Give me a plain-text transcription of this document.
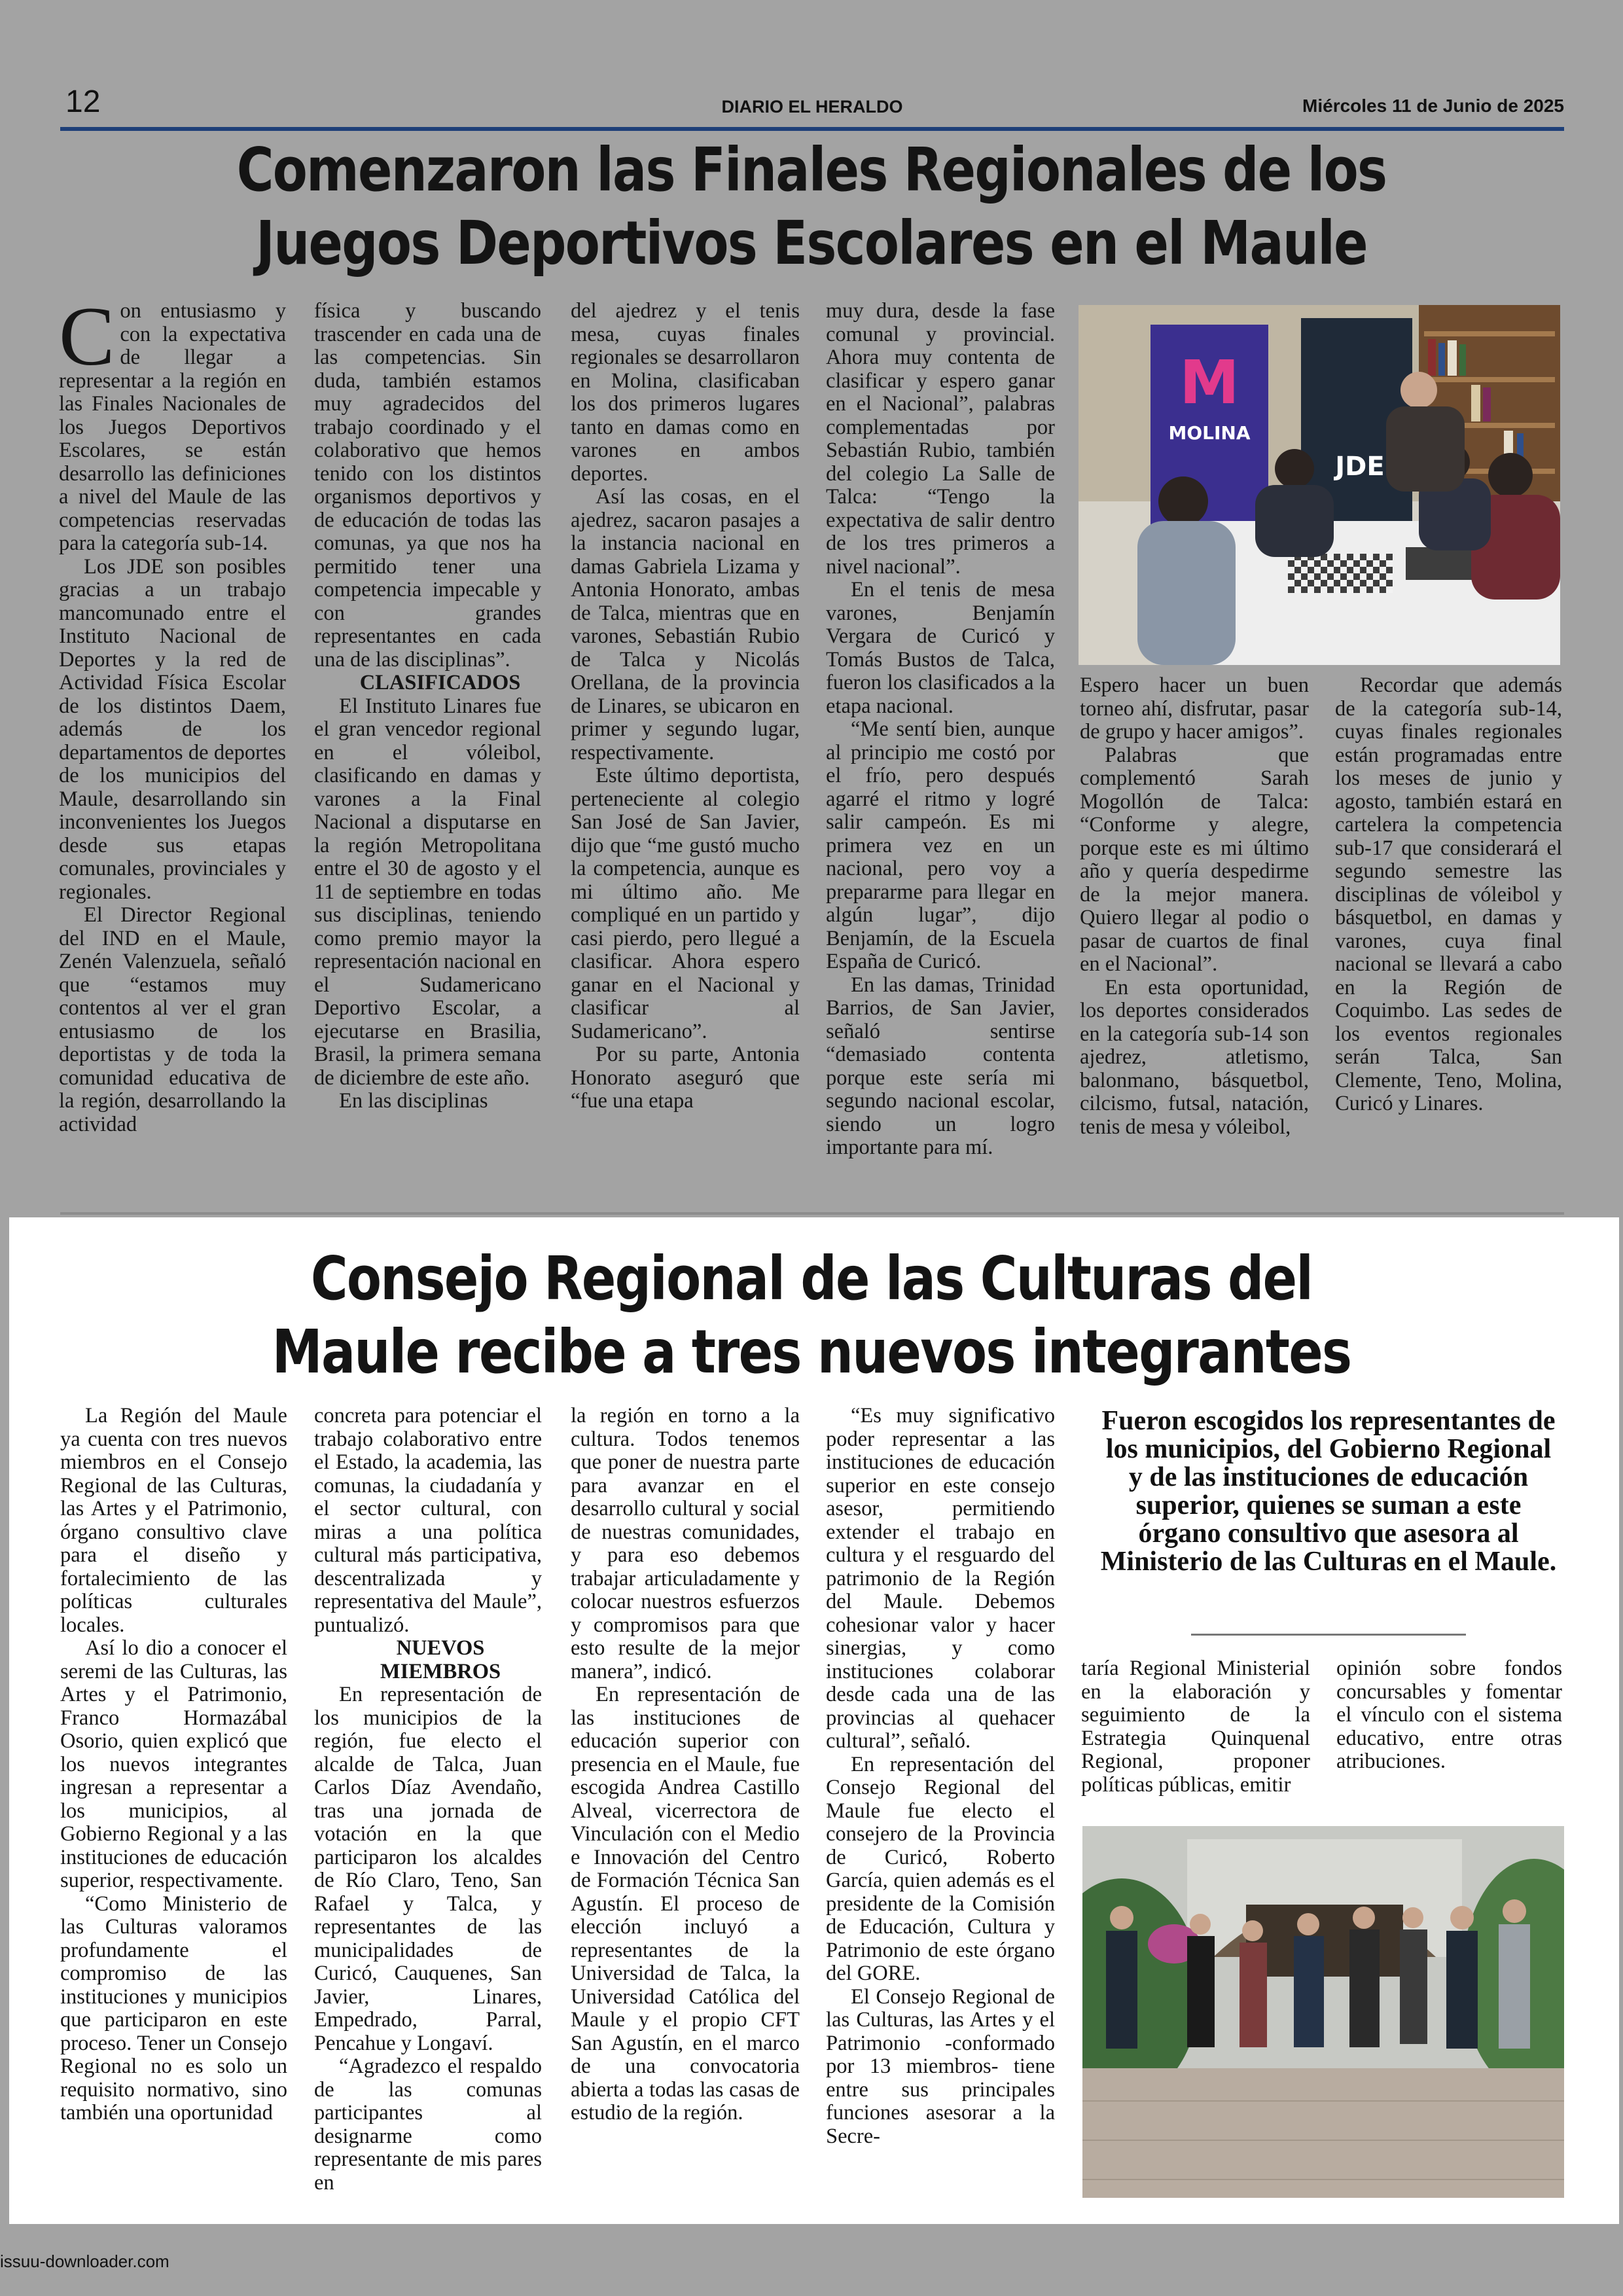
12	DIARIO EL HERALDO	Miércoles 11 de Junio de 2025
Comenzaron las Finales Regionales de los
Juegos Deportivos Escolares en el Maule

Con entusiasmo y con la expectativa de llegar a representar a la región en las Finales Nacionales de los Juegos Deportivos Escolares, se están desarrollo las definiciones a nivel del Maule de las competencias reservadas para la categoría sub-14.

Los JDE son posibles gracias a un trabajo mancomunado entre el Instituto Nacional de Deportes y la red de Actividad Física Escolar de los distintos Daem, además de los departamentos de deportes de los municipios del Maule, desarrollando sin inconvenientes los Juegos desde sus etapas comunales, provinciales y regionales.

El Director Regional del IND en el Maule, Zenén Valenzuela, señaló que “estamos muy contentos al ver el gran entusiasmo de los deportistas y de toda la comunidad educativa de la región, desarrollando la actividad

física y buscando trascender en cada una de las competencias. Sin duda, también estamos muy agradecidos del trabajo coordinado y el colaborativo que hemos tenido con los distintos organismos deportivos y de educación de todas las comunas, ya que nos ha permitido tener una competencia impecable y con grandes representantes en cada una de las disciplinas”.

CLASIFICADOS

El Instituto Linares fue el gran vencedor regional en el vóleibol, clasificando en damas y varones a la Final Nacional a disputarse en la región Metropolitana entre el 30 de agosto y el 11 de septiembre en todas sus disciplinas, teniendo como premio mayor la representación nacional en el Sudamericano Deportivo Escolar, a ejecutarse en Brasilia, Brasil, la primera semana de diciembre de este año.

En las disciplinas

del ajedrez y el tenis mesa, cuyas finales regionales se desarrollaron en Molina, clasificaban los dos primeros lugares tanto en damas como en varones en ambos deportes.

Así las cosas, en el ajedrez, sacaron pasajes a la instancia nacional en damas Gabriela Lizama y Antonia Honorato, ambas de Talca, mientras que en varones, Sebastián Rubio de Talca y Nicolás Orellana, de la provincia de Linares, se ubicaron en primer y segundo lugar, respectivamente.

Este último deportista, perteneciente al colegio San José de San Javier, dijo que “me gustó mucho la competencia, aunque es mi último año. Me compliqué en un partido y casi pierdo, pero llegué a clasificar. Ahora espero ganar en el Nacional y clasificar al Sudamericano”.

Por su parte, Antonia Honorato aseguró que “fue una etapa

muy dura, desde la fase comunal y provincial. Ahora muy contenta de clasificar y espero ganar en el Nacional”, palabras complementadas por Sebastián Rubio, también del colegio La Salle de Talca: “Tengo la expectativa de salir dentro de los tres primeros a nivel nacional”.

En el tenis de mesa varones, Benjamín Vergara de Curicó y Tomás Bustos de Talca, fueron los clasificados a la etapa nacional.

“Me sentí bien, aunque al principio me costó por el frío, pero después agarré el ritmo y logré salir campeón. Es mi primera vez en un nacional, pero voy a prepararme para llegar en algún lugar”, dijo Benjamín, de la Escuela España de Curicó.

En las damas, Trinidad Barrios, de San Javier, señaló sentirse “demasiado contenta porque este sería mi segundo nacional escolar, siendo un logro importante para mí.

M
MOLINA
JDE

Espero hacer un buen torneo ahí, disfrutar, pasar de grupo y hacer amigos”.

Palabras que complementó Sarah Mogollón de Talca: “Conforme y alegre, porque este es mi último año y quería despedirme de la mejor manera. Quiero llegar al podio o pasar de cuartos de final en el Nacional”.

En esta oportunidad, los deportes considerados en la categoría sub-14 son ajedrez, atletismo, balonmano, básquetbol, cilcismo, futsal, natación, tenis de mesa y vóleibol,

Recordar que además de la categoría sub-14, cuyas finales regionales están programadas entre los meses de junio y agosto, también estará en cartelera la competencia sub-17 que considerará el segundo semestre las disciplinas de vóleibol y básquetbol, en damas y varones, cuya final nacional se llevará a cabo en la Región de Coquimbo. Las sedes de los eventos regionales serán Talca, San Clemente, Teno, Molina, Curicó y Linares.

Consejo Regional de las Culturas del
Maule recibe a tres nuevos integrantes

La Región del Maule ya cuenta con tres nuevos miembros en el Consejo Regional de las Culturas, las Artes y el Patrimonio, órgano consultivo clave para el diseño y fortalecimiento de las políticas culturales locales.

Así lo dio a conocer el seremi de las Culturas, las Artes y el Patrimonio, Franco Hormazábal Osorio, quien explicó que los nuevos integrantes ingresan a representar a los municipios, al Gobierno Regional y a las instituciones de educación superior, respectivamente.

“Como Ministerio de las Culturas valoramos profundamente el compromiso de las instituciones y municipios que participaron en este proceso. Tener un Consejo Regional no es solo un requisito normativo, sino también una oportunidad

concreta para potenciar el trabajo colaborativo entre el Estado, la academia, las comunas, la ciudadanía y el sector cultural, con miras a una política cultural más participativa, descentralizada y representativa del Maule”, puntualizó.

NUEVOS

MIEMBROS

En representación de los municipios de la región, fue electo el alcalde de Talca, Juan Carlos Díaz Avendaño, tras una jornada de votación en la que participaron los alcaldes de Río Claro, Teno, San Rafael y Talca, y representantes de las municipalidades de Curicó, Cauquenes, San Javier, Linares, Empedrado, Parral, Pencahue y Longaví.

“Agradezco el respaldo de las comunas participantes al designarme como representante de mis pares en

la región en torno a la cultura. Todos tenemos que poner de nuestra parte para avanzar en el desarrollo cultural y social de nuestras comunidades, y para eso debemos trabajar articuladamente y colocar nuestros esfuerzos y compromisos para que esto resulte de la mejor manera”, indicó.

En representación de las instituciones de educación superior con presencia en el Maule, fue escogida Andrea Castillo Alveal, vicerrectora de Vinculación con el Medio e Innovación del Centro de Formación Técnica San Agustín. El proceso de elección incluyó a representantes de la Universidad de Talca, la Universidad Católica del Maule y el propio CFT San Agustín, en el marco de una convocatoria abierta a todas las casas de estudio de la región.

“Es muy significativo poder representar a las instituciones de educación superior en este consejo asesor, permitiendo extender el trabajo en cultura y el resguardo del patrimonio de la Región del Maule. Debemos cohesionar valor y hacer sinergias, y como instituciones colaborar desde cada una de las provincias al quehacer cultural”, señaló.

En representación del Consejo Regional del Maule fue electo el consejero de la Provincia de Curicó, Roberto García, quien además es el presidente de la Comisión de Educación, Cultura y Patrimonio de este órgano del GORE.

El Consejo Regional de las Culturas, las Artes y el Patrimonio -conformado por 13 miembros- tiene entre sus principales funciones asesorar a la Secre-

Fueron escogidos los representantes de los municipios, del Gobierno Regional y de las instituciones de educación superior, quienes se suman a este órgano consultivo que asesora al Ministerio de las Culturas en el Maule.

taría Regional Ministerial en la elaboración y seguimiento de la Estrategia Quinquenal Regional, proponer políticas públicas, emitir

opinión sobre fondos concursables y fomentar el vínculo con el sistema educativo, entre otras atribuciones.

issuu-downloader.com
